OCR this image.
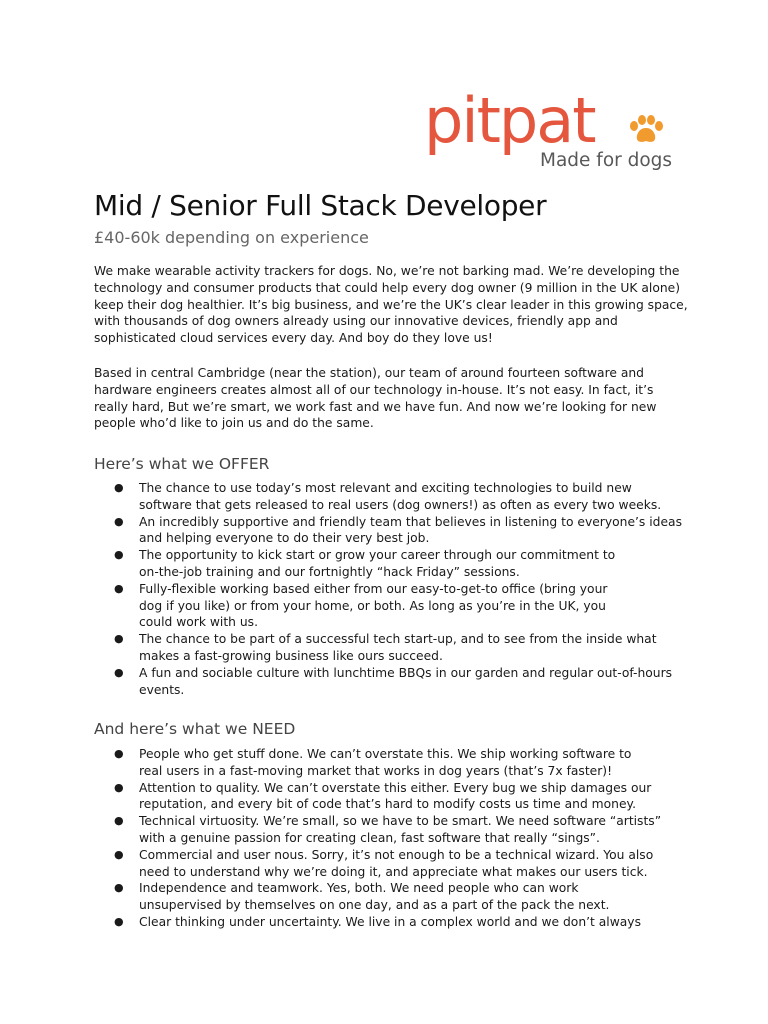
pitpat
Made for dogs
Mid / Senior Full Stack Developer
£40-60k depending on experience

We make wearable activity trackers for dogs. No, we’re not barking mad. We’re developing the
technology and consumer products that could help every dog owner (9 million in the UK alone)
keep their dog healthier. It’s big business, and we’re the UK’s clear leader in this growing space,
with thousands of dog owners already using our innovative devices, friendly app and
sophisticated cloud services every day. And boy do they love us!

Based in central Cambridge (near the station), our team of around fourteen software and
hardware engineers creates almost all of our technology in-house. It’s not easy. In fact, it’s
really hard, But we’re smart, we work fast and we have fun. And now we’re looking for new
people who’d like to join us and do the same.

Here’s what we OFFER
● The chance to use today’s most relevant and exciting technologies to build new
software that gets released to real users (dog owners!) as often as every two weeks.
● An incredibly supportive and friendly team that believes in listening to everyone’s ideas
and helping everyone to do their very best job.
● The opportunity to kick start or grow your career through our commitment to
on-the-job training and our fortnightly “hack Friday” sessions.
● Fully-flexible working based either from our easy-to-get-to office (bring your
dog if you like) or from your home, or both. As long as you’re in the UK, you
could work with us.
● The chance to be part of a successful tech start-up, and to see from the inside what
makes a fast-growing business like ours succeed.
● A fun and sociable culture with lunchtime BBQs in our garden and regular out-of-hours
events.
And here’s what we NEED
● People who get stuff done. We can’t overstate this. We ship working software to
real users in a fast-moving market that works in dog years (that’s 7x faster)!
● Attention to quality. We can’t overstate this either. Every bug we ship damages our
reputation, and every bit of code that’s hard to modify costs us time and money.
● Technical virtuosity. We’re small, so we have to be smart. We need software “artists”
with a genuine passion for creating clean, fast software that really “sings”.
● Commercial and user nous. Sorry, it’s not enough to be a technical wizard. You also
need to understand why we’re doing it, and appreciate what makes our users tick.
● Independence and teamwork. Yes, both. We need people who can work
unsupervised by themselves on one day, and as a part of the pack the next.
● Clear thinking under uncertainty. We live in a complex world and we don’t always
